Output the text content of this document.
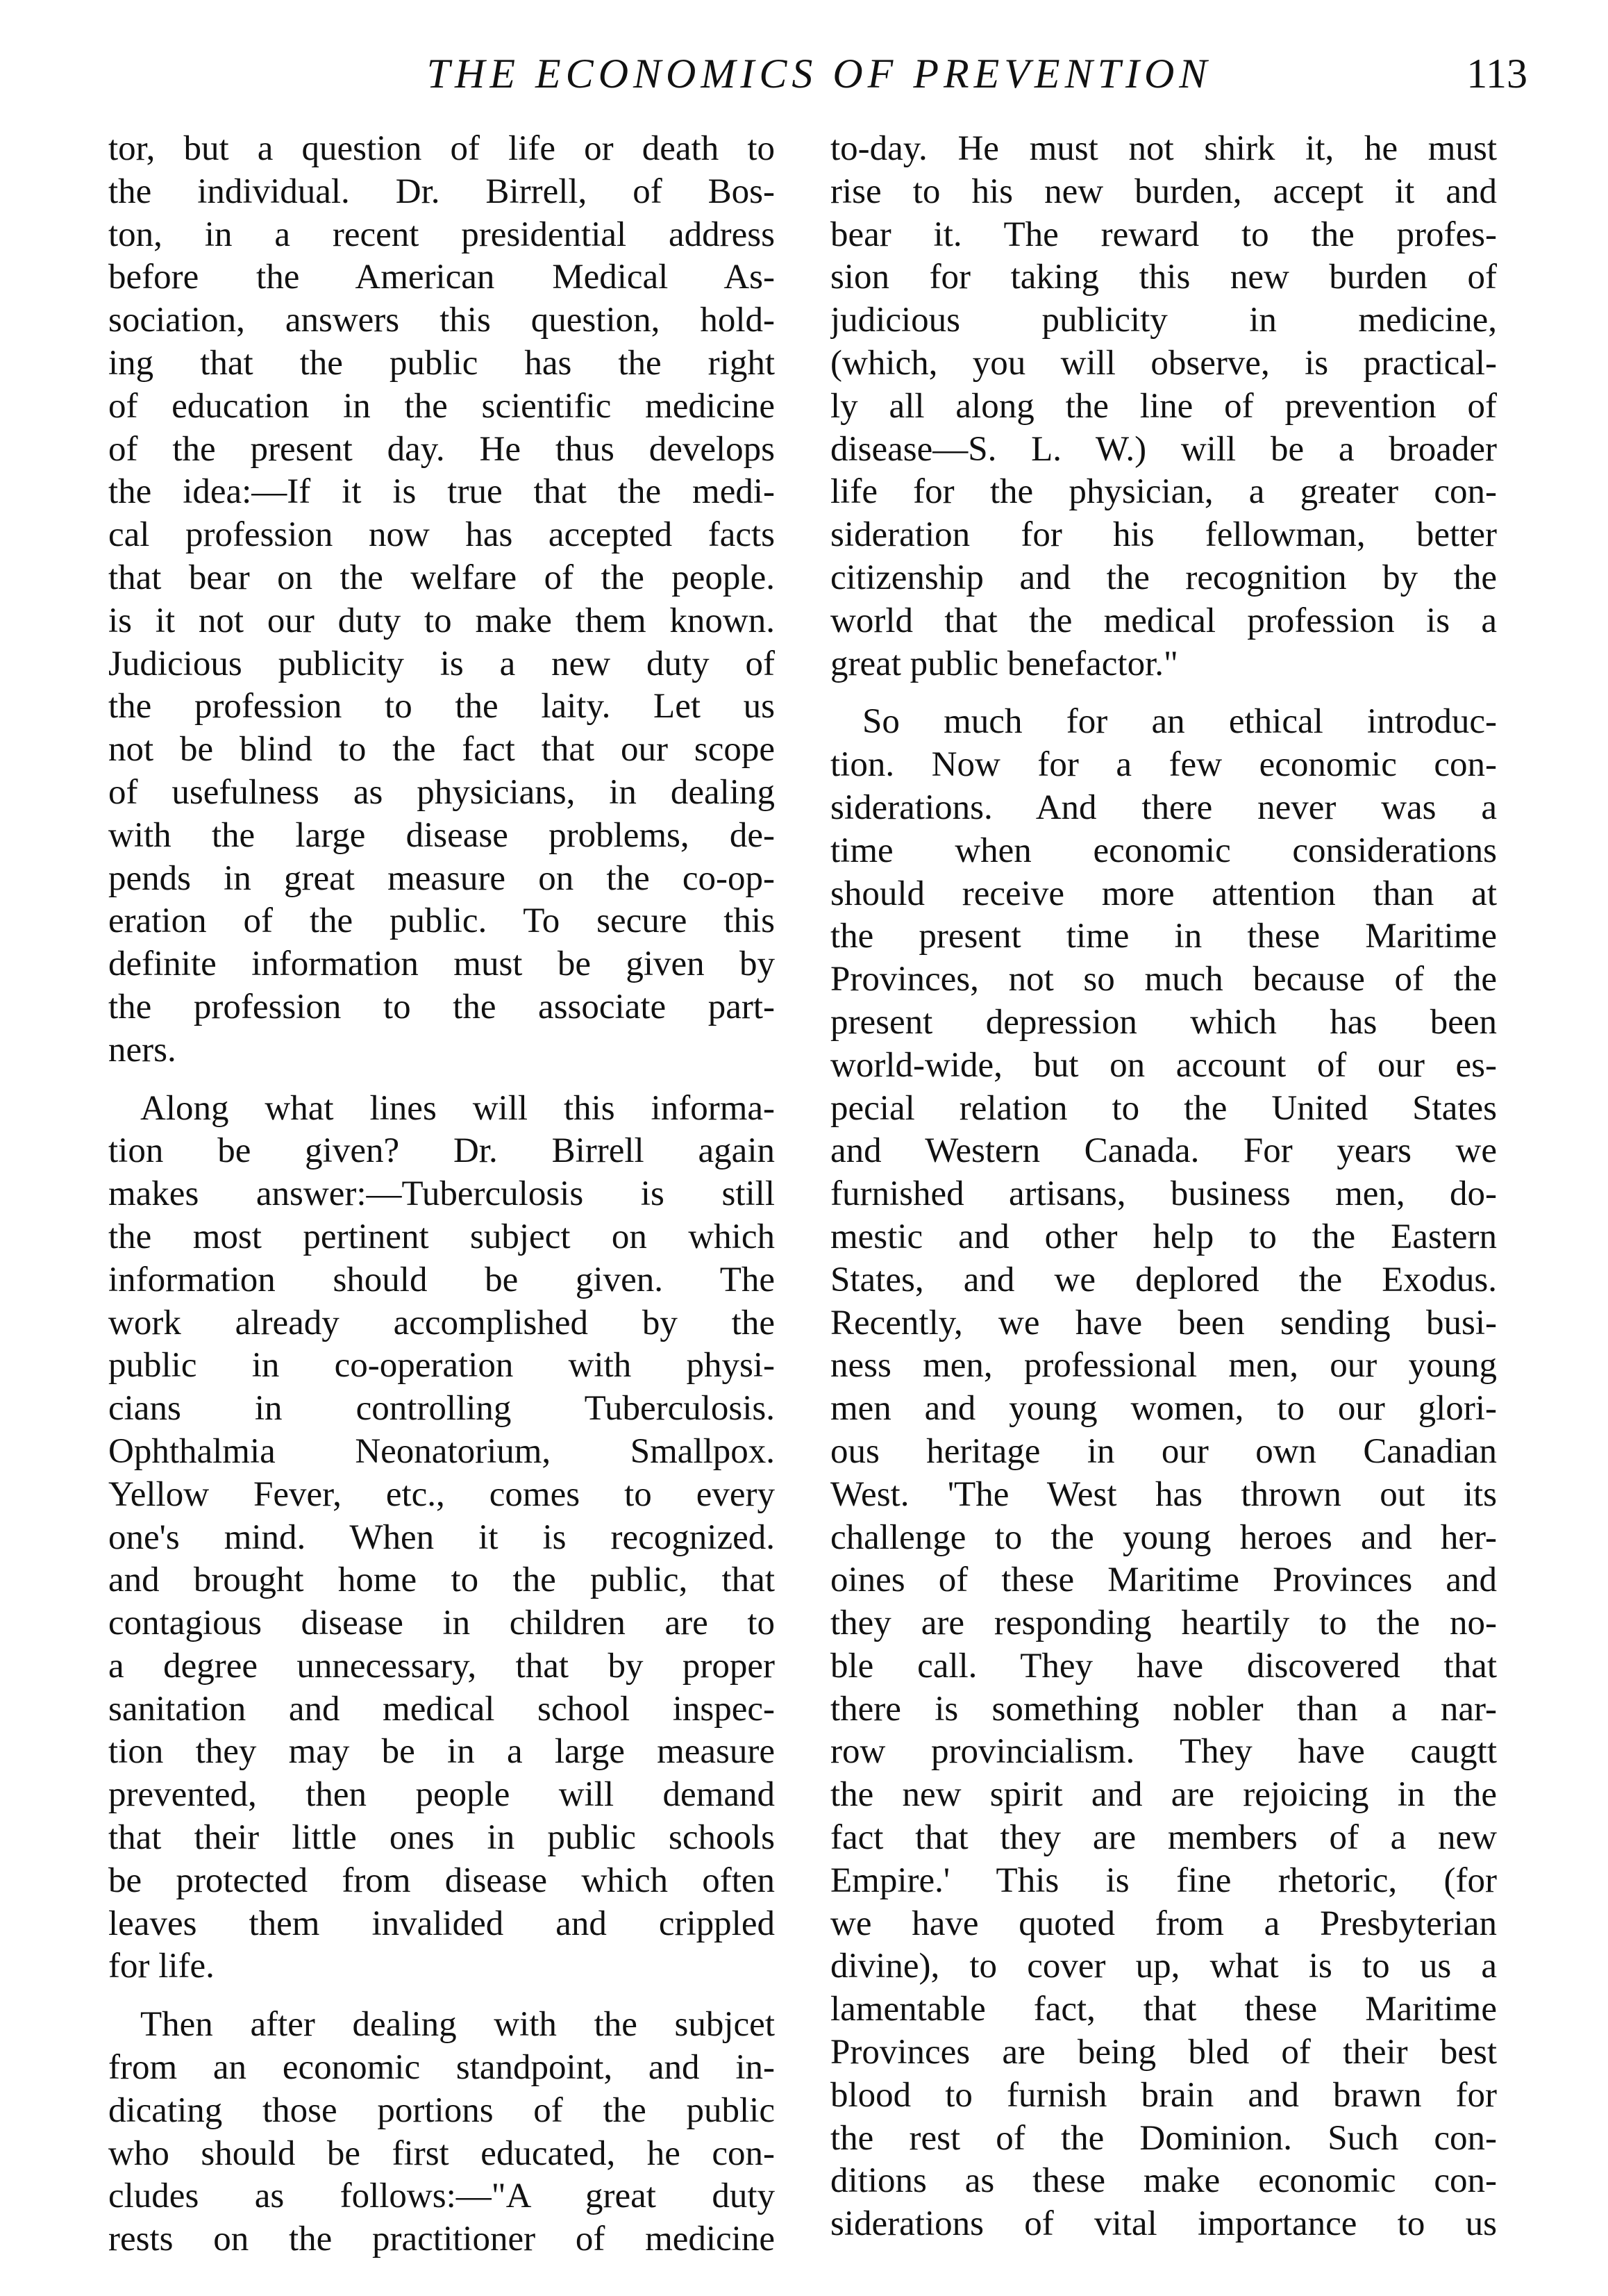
THE ECONOMICS OF PREVENTION	113
tor, but a question of life or death to
the individual. Dr. Birrell, of Bos-
ton, in a recent presidential address
before the American Medical As-
sociation, answers this question, hold-
ing that the public has the right
of education in the scientific medicine
of the present day. He thus develops
the idea:—If it is true that the medi-
cal profession now has accepted facts
that bear on the welfare of the people.
is it not our duty to make them known.
Judicious publicity is a new duty of
the profession to the laity. Let us
not be blind to the fact that our scope
of usefulness as physicians, in dealing
with the large disease problems, de-
pends in great measure on the co-op-
eration of the public. To secure this
definite information must be given by
the profession to the associate part-
ners.
Along what lines will this informa-
tion be given? Dr. Birrell again
makes answer:—Tuberculosis is still
the most pertinent subject on which
information should be given. The
work already accomplished by the
public in co-operation with physi-
cians in controlling Tuberculosis.
Ophthalmia Neonatorium, Smallpox.
Yellow Fever, etc., comes to every
one's mind. When it is recognized.
and brought home to the public, that
contagious disease in children are to
a degree unnecessary, that by proper
sanitation and medical school inspec-
tion they may be in a large measure
prevented, then people will demand
that their little ones in public schools
be protected from disease which often
leaves them invalided and crippled
for life.
Then after dealing with the subjcet
from an economic standpoint, and in-
dicating those portions of the public
who should be first educated, he con-
cludes as follows:—"A great duty
rests on the practitioner of medicine
to-day. He must not shirk it, he must
rise to his new burden, accept it and
bear it. The reward to the profes-
sion for taking this new burden of
judicious publicity in medicine,
(which, you will observe, is practical-
ly all along the line of prevention of
disease—S. L. W.) will be a broader
life for the physician, a greater con-
sideration for his fellowman, better
citizenship and the recognition by the
world that the medical profession is a
great public benefactor."
So much for an ethical introduc-
tion. Now for a few economic con-
siderations. And there never was a
time when economic considerations
should receive more attention than at
the present time in these Maritime
Provinces, not so much because of the
present depression which has been
world-wide, but on account of our es-
pecial relation to the United States
and Western Canada. For years we
furnished artisans, business men, do-
mestic and other help to the Eastern
States, and we deplored the Exodus.
Recently, we have been sending busi-
ness men, professional men, our young
men and young women, to our glori-
ous heritage in our own Canadian
West. 'The West has thrown out its
challenge to the young heroes and her-
oines of these Maritime Provinces and
they are responding heartily to the no-
ble call. They have discovered that
there is something nobler than a nar-
row provincialism. They have caugtt
the new spirit and are rejoicing in the
fact that they are members of a new
Empire.' This is fine rhetoric, (for
we have quoted from a Presbyterian
divine), to cover up, what is to us a
lamentable fact, that these Maritime
Provinces are being bled of their best
blood to furnish brain and brawn for
the rest of the Dominion. Such con-
ditions as these make economic con-
siderations of vital importance to us
